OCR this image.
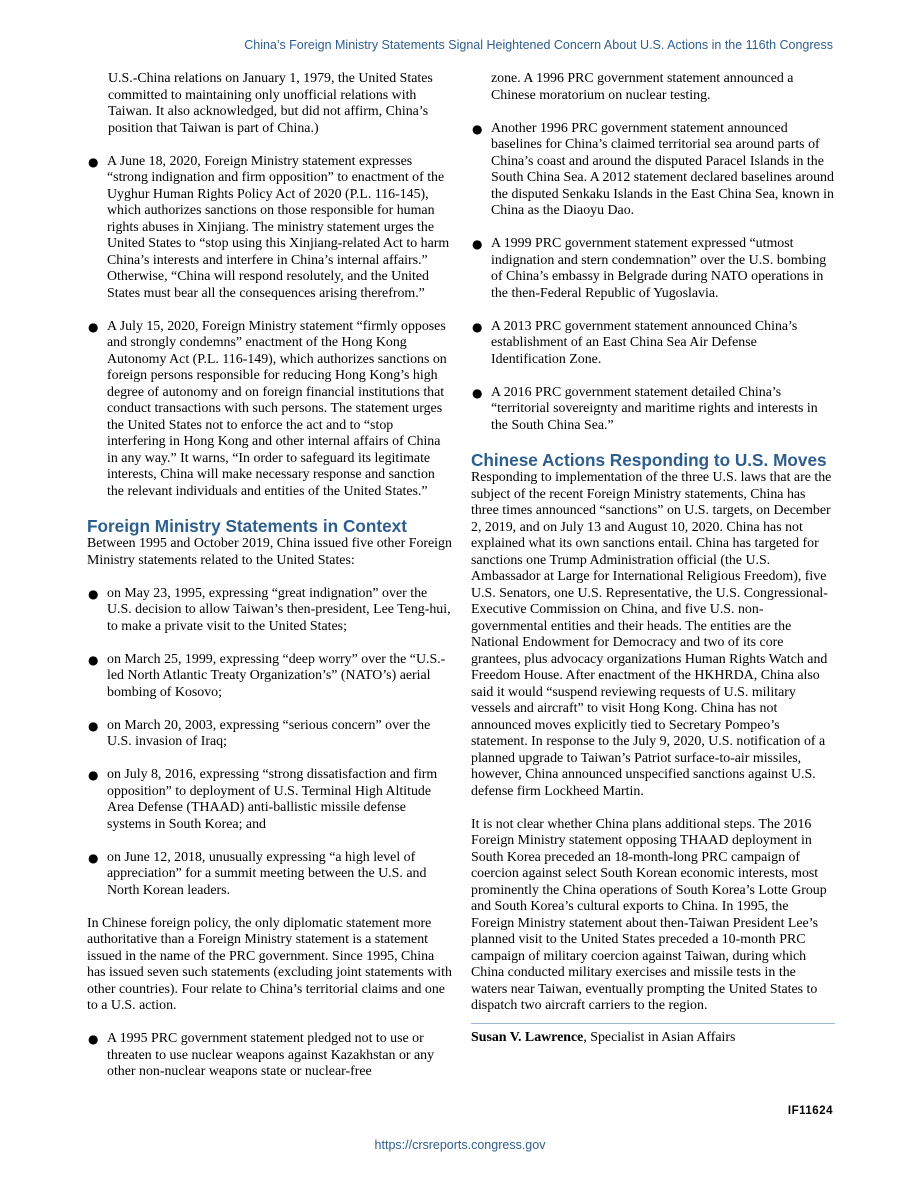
China’s Foreign Ministry Statements Signal Heightened Concern About U.S. Actions in the 116th Congress

U.S.-China relations on January 1, 1979, the United States committed to maintaining only unofficial relations with Taiwan. It also acknowledged, but did not affirm, China’s position that Taiwan is part of China.)

● A June 18, 2020, Foreign Ministry statement expresses “strong indignation and firm opposition” to enactment of the Uyghur Human Rights Policy Act of 2020 (P.L. 116-145), which authorizes sanctions on those responsible for human rights abuses in Xinjiang. The ministry statement urges the United States to “stop using this Xinjiang-related Act to harm China’s interests and interfere in China’s internal affairs.” Otherwise, “China will respond resolutely, and the United States must bear all the consequences arising therefrom.”
● A July 15, 2020, Foreign Ministry statement “firmly opposes and strongly condemns” enactment of the Hong Kong Autonomy Act (P.L. 116-149), which authorizes sanctions on foreign persons responsible for reducing Hong Kong’s high degree of autonomy and on foreign financial institutions that conduct transactions with such persons. The statement urges the United States not to enforce the act and to “stop interfering in Hong Kong and other internal affairs of China in any way.” It warns, “In order to safeguard its legitimate interests, China will make necessary response and sanction the relevant individuals and entities of the United States.”
Foreign Ministry Statements in Context

Between 1995 and October 2019, China issued five other Foreign Ministry statements related to the United States:

● on May 23, 1995, expressing “great indignation” over the U.S. decision to allow Taiwan’s then-president, Lee Teng-hui, to make a private visit to the United States;
● on March 25, 1999, expressing “deep worry” over the “U.S.-led North Atlantic Treaty Organization’s” (NATO’s) aerial bombing of Kosovo;
● on March 20, 2003, expressing “serious concern” over the U.S. invasion of Iraq;
● on July 8, 2016, expressing “strong dissatisfaction and firm opposition” to deployment of U.S. Terminal High Altitude Area Defense (THAAD) anti-ballistic missile defense systems in South Korea; and
● on June 12, 2018, unusually expressing “a high level of appreciation” for a summit meeting between the U.S. and North Korean leaders.

In Chinese foreign policy, the only diplomatic statement more authoritative than a Foreign Ministry statement is a statement issued in the name of the PRC government. Since 1995, China has issued seven such statements (excluding joint statements with other countries). Four relate to China’s territorial claims and one to a U.S. action.

● A 1995 PRC government statement pledged not to use or threaten to use nuclear weapons against Kazakhstan or any other non-nuclear weapons state or nuclear-free

zone. A 1996 PRC government statement announced a Chinese moratorium on nuclear testing.

● Another 1996 PRC government statement announced baselines for China’s claimed territorial sea around parts of China’s coast and around the disputed Paracel Islands in the South China Sea. A 2012 statement declared baselines around the disputed Senkaku Islands in the East China Sea, known in China as the Diaoyu Dao.
● A 1999 PRC government statement expressed “utmost indignation and stern condemnation” over the U.S. bombing of China’s embassy in Belgrade during NATO operations in the then-Federal Republic of Yugoslavia.
● A 2013 PRC government statement announced China’s establishment of an East China Sea Air Defense Identification Zone.
● A 2016 PRC government statement detailed China’s “territorial sovereignty and maritime rights and interests in the South China Sea.”
Chinese Actions Responding to U.S. Moves

Responding to implementation of the three U.S. laws that are the subject of the recent Foreign Ministry statements, China has three times announced “sanctions” on U.S. targets, on December 2, 2019, and on July 13 and August 10, 2020. China has not explained what its own sanctions entail. China has targeted for sanctions one Trump Administration official (the U.S. Ambassador at Large for International Religious Freedom), five U.S. Senators, one U.S. Representative, the U.S. Congressional-Executive Commission on China, and five U.S. non-governmental entities and their heads. The entities are the National Endowment for Democracy and two of its core grantees, plus advocacy organizations Human Rights Watch and Freedom House. After enactment of the HKHRDA, China also said it would “suspend reviewing requests of U.S. military vessels and aircraft” to visit Hong Kong. China has not announced moves explicitly tied to Secretary Pompeo’s statement. In response to the July 9, 2020, U.S. notification of a planned upgrade to Taiwan’s Patriot surface-to-air missiles, however, China announced unspecified sanctions against U.S. defense firm Lockheed Martin.

It is not clear whether China plans additional steps. The 2016 Foreign Ministry statement opposing THAAD deployment in South Korea preceded an 18-month-long PRC campaign of coercion against select South Korean economic interests, most prominently the China operations of South Korea’s Lotte Group and South Korea’s cultural exports to China. In 1995, the Foreign Ministry statement about then-Taiwan President Lee’s planned visit to the United States preceded a 10-month PRC campaign of military coercion against Taiwan, during which China conducted military exercises and missile tests in the waters near Taiwan, eventually prompting the United States to dispatch two aircraft carriers to the region.

Susan V. Lawrence, Specialist in Asian Affairs

IF11624
https://crsreports.congress.gov
